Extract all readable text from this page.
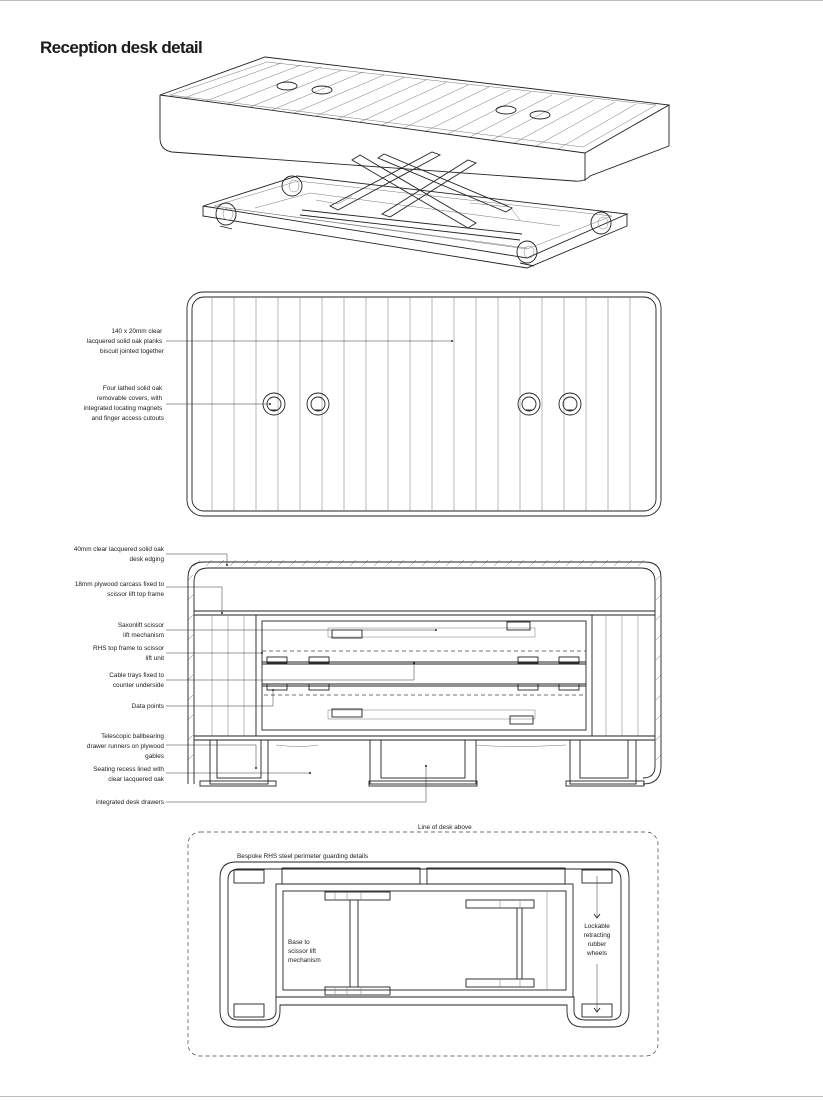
Reception desk detail
140 x 20mm clear lacquered solid oak planks biscuit jointed together
Four lathed solid oak removable covers, with integrated locating magnets and finger access cutouts
40mm clear lacquered solid oak desk edging
18mm plywood carcass fixed to scissor lift top frame
Saxonlift scissor lift mechanism
RHS top frame to scissor lift unit
Cable trays fixed to counter underside
Data points
Telescopic ballbearing drawer runners on plywood gables
Seating recess lined with clear lacquered oak
integrated desk drawers
Line of desk above
Bespoke RHS steel perimeter guarding details
Base to scissor lift mechanism
Lockable retracting rubber wheels
